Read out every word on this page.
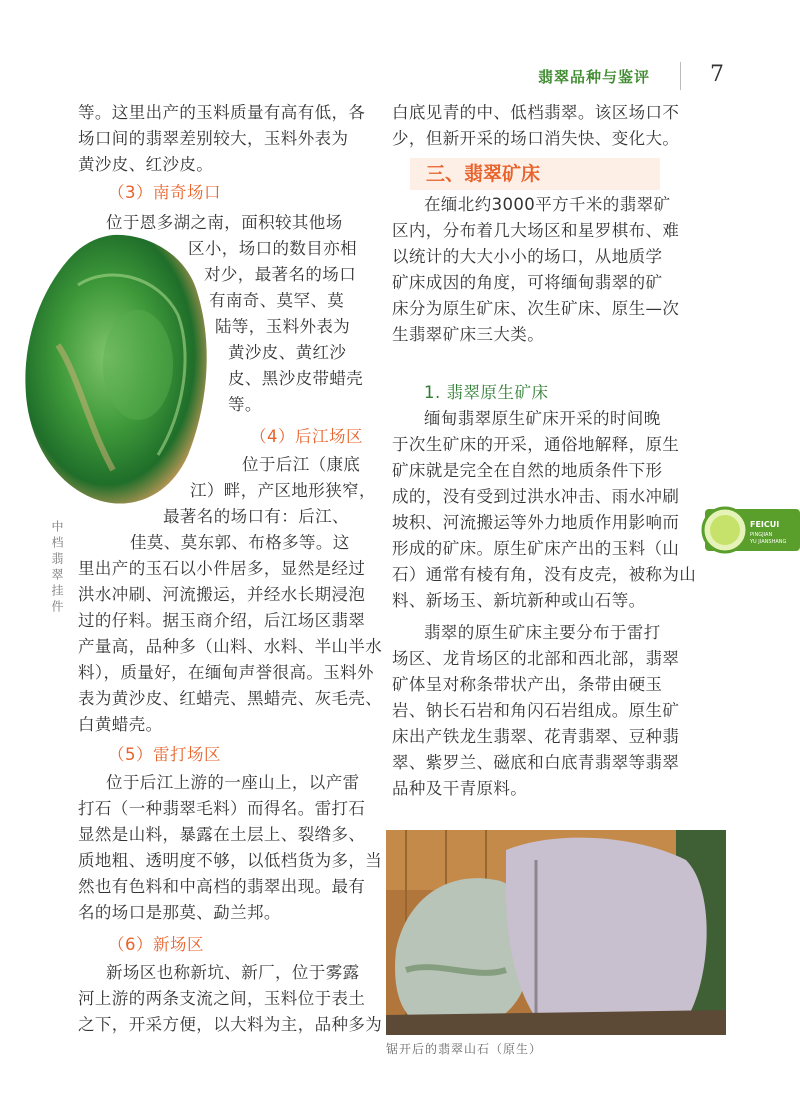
翡翠品种与鉴评	7
中档翡翠挂件
等。这里出产的玉料质量有高有低，各
场口间的翡翠差别较大，玉料外表为
黄沙皮、红沙皮。
（3）南奇场口
位于恩多湖之南，面积较其他场
区小，场口的数目亦相
对少，最著名的场口
有南奇、莫罕、莫
陆等，玉料外表为
黄沙皮、黄红沙
皮、黑沙皮带蜡壳
等。
（4）后江场区
位于后江（康底
江）畔，产区地形狭窄，
最著名的场口有：后江、
佳莫、莫东郭、布格多等。这
里出产的玉石以小件居多，显然是经过
洪水冲刷、河流搬运，并经水长期浸泡
过的仔料。据玉商介绍，后江场区翡翠
产量高，品种多（山料、水料、半山半水
料），质量好，在缅甸声誉很高。玉料外
表为黄沙皮、红蜡壳、黑蜡壳、灰毛壳、
白黄蜡壳。
（5）雷打场区
位于后江上游的一座山上，以产雷
打石（一种翡翠毛料）而得名。雷打石
显然是山料，暴露在土层上、裂绺多、
质地粗、透明度不够，以低档货为多，当
然也有色料和中高档的翡翠出现。最有
名的场口是那莫、勐兰邦。
（6）新场区
新场区也称新坑、新厂，位于雾露
河上游的两条支流之间，玉料位于表土
之下，开采方便，以大料为主，品种多为
白底见青的中、低档翡翠。该区场口不
少，但新开采的场口消失快、变化大。
三、翡翠矿床
在缅北约3000平方千米的翡翠矿
区内，分布着几大场区和星罗棋布、难
以统计的大大小小的场口，从地质学
矿床成因的角度，可将缅甸翡翠的矿
床分为原生矿床、次生矿床、原生—次
生翡翠矿床三大类。
1. 翡翠原生矿床
缅甸翡翠原生矿床开采的时间晚
于次生矿床的开采，通俗地解释，原生
矿床就是完全在自然的地质条件下形
成的，没有受到过洪水冲击、雨水冲刷
坡积、河流搬运等外力地质作用影响而
形成的矿床。原生矿床产出的玉料（山
石）通常有棱有角，没有皮壳，被称为山
料、新场玉、新坑新种或山石等。
翡翠的原生矿床主要分布于雷打
场区、龙肯场区的北部和西北部，翡翠
矿体呈对称条带状产出，条带由硬玉
岩、钠长石岩和角闪石岩组成。原生矿
床出产铁龙生翡翠、花青翡翠、豆种翡
翠、紫罗兰、磁底和白底青翡翠等翡翠
品种及干青原料。
FEICUI
PINGJIAN
YU JIANSHANG
锯开后的翡翠山石（原生）
